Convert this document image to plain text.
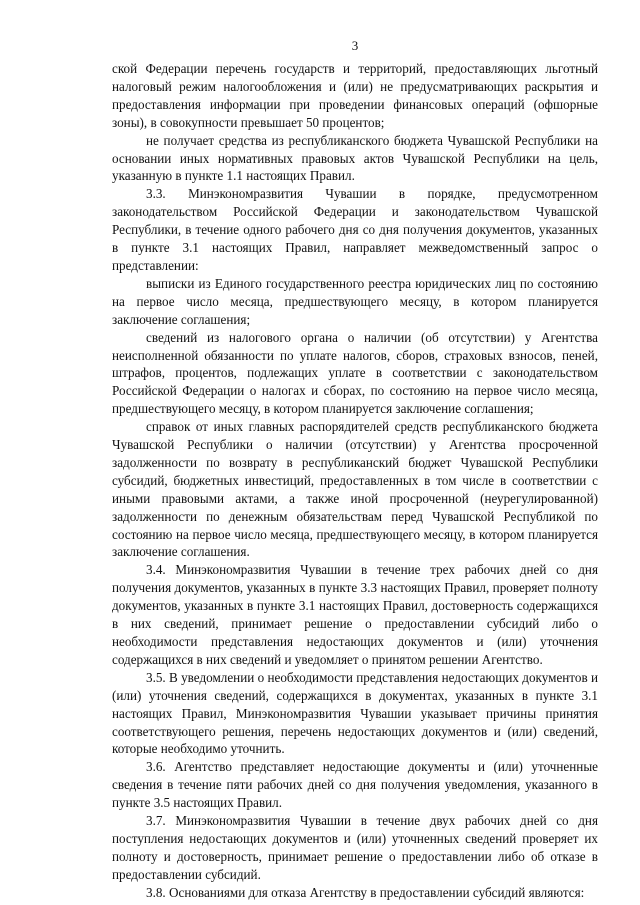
3

ской Федерации перечень государств и территорий, предоставляющих льготный налоговый режим налогообложения и (или) не предусматривающих раскрытия и предоставления информации при проведении финансовых операций (офшорные зоны), в совокупности превышает 50 процентов;

не получает средства из республиканского бюджета Чувашской Республики на основании иных нормативных правовых актов Чувашской Республики на цель, указанную в пункте 1.1 настоящих Правил.

3.3. Минэкономразвития Чувашии в порядке, предусмотренном законодательством Российской Федерации и законодательством Чувашской Республики, в течение одного рабочего дня со дня получения документов, указанных в пункте 3.1 настоящих Правил, направляет межведомственный запрос о представлении:

выписки из Единого государственного реестра юридических лиц по состоянию на первое число месяца, предшествующего месяцу, в котором планируется заключение соглашения;

сведений из налогового органа о наличии (об отсутствии) у Агентства неисполненной обязанности по уплате налогов, сборов, страховых взносов, пеней, штрафов, процентов, подлежащих уплате в соответствии с законодательством Российской Федерации о налогах и сборах, по состоянию на первое число месяца, предшествующего месяцу, в котором планируется заключение соглашения;

справок от иных главных распорядителей средств республиканского бюджета Чувашской Республики о наличии (отсутствии) у Агентства просроченной задолженности по возврату в республиканский бюджет Чувашской Республики субсидий, бюджетных инвестиций, предоставленных в том числе в соответствии с иными правовыми актами, а также иной просроченной (неурегулированной) задолженности по денежным обязательствам перед Чувашской Республикой по состоянию на первое число месяца, предшествующего месяцу, в котором планируется заключение соглашения.

3.4. Минэкономразвития Чувашии в течение трех рабочих дней со дня получения документов, указанных в пункте 3.3 настоящих Правил, проверяет полноту документов, указанных в пункте 3.1 настоящих Правил, достоверность содержащихся в них сведений, принимает решение о предоставлении субсидий либо о необходимости представления недостающих документов и (или) уточнения содержащихся в них сведений и уведомляет о принятом решении Агентство.

3.5. В уведомлении о необходимости представления недостающих документов и (или) уточнения сведений, содержащихся в документах, указанных в пункте 3.1 настоящих Правил, Минэкономразвития Чувашии указывает причины принятия соответствующего решения, перечень недостающих документов и (или) сведений, которые необходимо уточнить.

3.6. Агентство представляет недостающие документы и (или) уточненные сведения в течение пяти рабочих дней со дня получения уведомления, указанного в пункте 3.5 настоящих Правил.

3.7. Минэкономразвития Чувашии в течение двух рабочих дней со дня поступления недостающих документов и (или) уточненных сведений проверяет их полноту и достоверность, принимает решение о предоставлении либо об отказе в предоставлении субсидий.

3.8. Основаниями для отказа Агентству в предоставлении субсидий являются:
